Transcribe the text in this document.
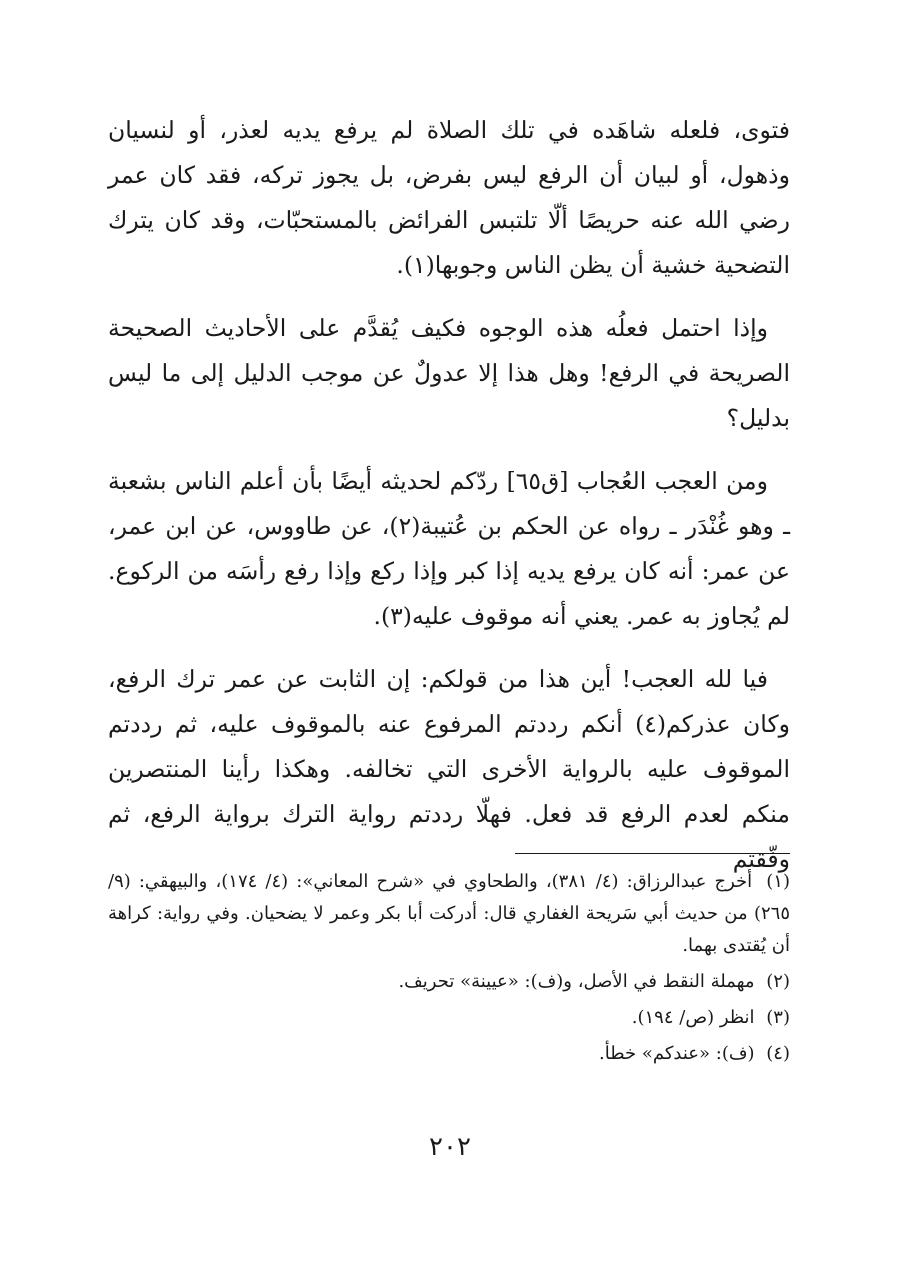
فتوى، فلعله شاهَده في تلك الصلاة لم يرفع يديه لعذر، أو لنسيان وذهول، أو لبيان أن الرفع ليس بفرض، بل يجوز تركه، فقد كان عمر رضي الله عنه حريصًا ألّا تلتبس الفرائض بالمستحبّات، وقد كان يترك التضحية خشية أن يظن الناس وجوبها(١).

وإذا احتمل فعلُه هذه الوجوه فكيف يُقدَّم على الأحاديث الصحيحة الصريحة في الرفع! وهل هذا إلا عدولٌ عن موجب الدليل إلى ما ليس بدليل؟

ومن العجب العُجاب [ق٦٥] ردّكم لحديثه أيضًا بأن أعلم الناس بشعبة ـ وهو غُنْدَر ـ رواه عن الحكم بن عُتيبة(٢)، عن طاووس، عن ابن عمر، عن عمر: أنه كان يرفع يديه إذا كبر وإذا ركع وإذا رفع رأسَه من الركوع. لم يُجاوز به عمر. يعني أنه موقوف عليه(٣).

فيا لله العجب! أين هذا من قولكم: إن الثابت عن عمر ترك الرفع، وكان عذركم(٤) أنكم رددتم المرفوع عنه بالموقوف عليه، ثم رددتم الموقوف عليه بالرواية الأخرى التي تخالفه. وهكذا رأينا المنتصرين منكم لعدم الرفع قد فعل. فهلّا رددتم رواية الترك برواية الرفع، ثم وفّقتم

(١) أخرج عبدالرزاق: (٤/ ٣٨١)، والطحاوي في «شرح المعاني»: (٤/ ١٧٤)، والبيهقي: (٩/ ٢٦٥) من حديث أبي سَريحة الغفاري قال: أدركت أبا بكر وعمر لا يضحيان. وفي رواية: كراهة أن يُقتدى بهما.

(٢) مهملة النقط في الأصل، و(ف): «عيينة» تحريف.

(٣) انظر (ص/ ١٩٤).

(٤) (ف): «عندكم» خطأ.

٢٠٢
